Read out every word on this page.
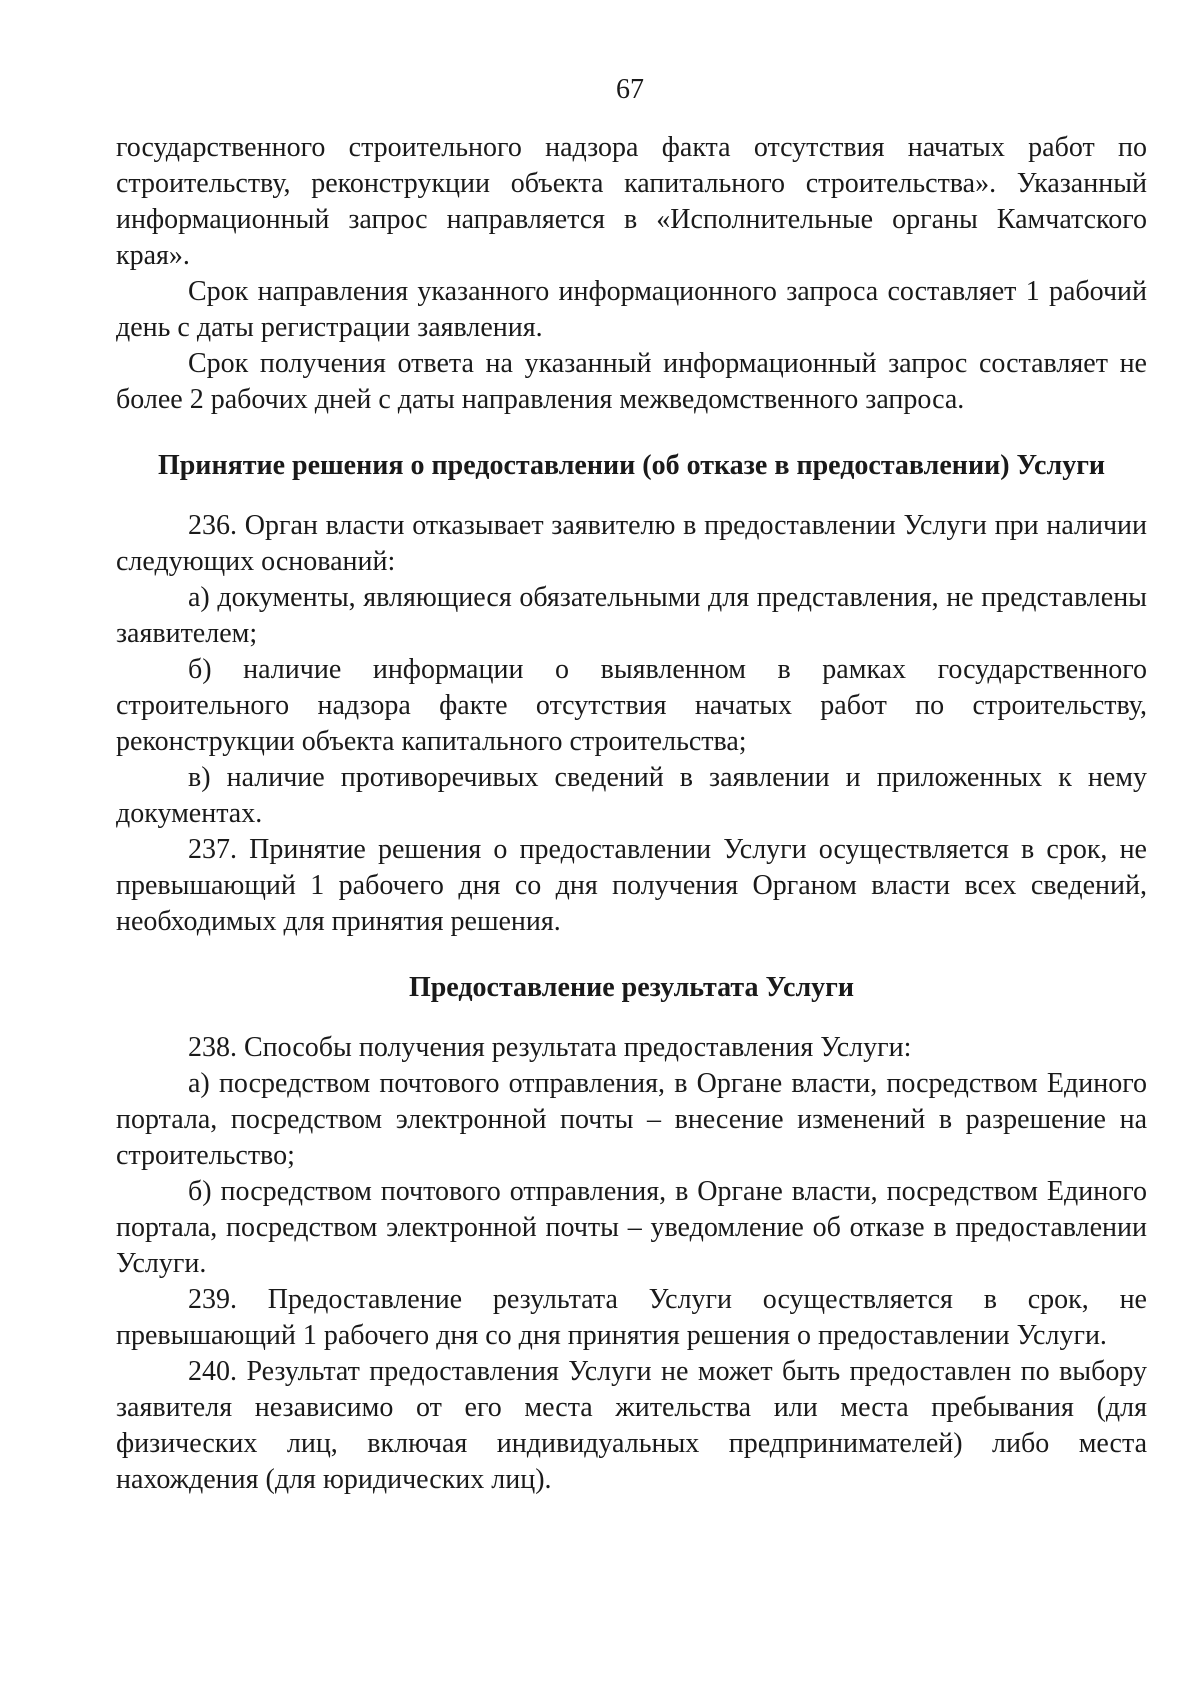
67

государственного строительного надзора факта отсутствия начатых работ по строительству, реконструкции объекта капитального строительства». Указанный информационный запрос направляется в «Исполнительные органы Камчатского края».

Срок направления указанного информационного запроса составляет 1 рабочий день с даты регистрации заявления.

Срок получения ответа на указанный информационный запрос составляет не более 2 рабочих дней с даты направления межведомственного запроса.

Принятие решения о предоставлении (об отказе в предоставлении) Услуги

236. Орган власти отказывает заявителю в предоставлении Услуги при наличии следующих оснований:

а) документы, являющиеся обязательными для представления, не представлены заявителем;

б) наличие информации о выявленном в рамках государственного строительного надзора факте отсутствия начатых работ по строительству, реконструкции объекта капитального строительства;

в) наличие противоречивых сведений в заявлении и приложенных к нему документах.

237. Принятие решения о предоставлении Услуги осуществляется в срок, не превышающий 1 рабочего дня со дня получения Органом власти всех сведений, необходимых для принятия решения.

Предоставление результата Услуги

238. Способы получения результата предоставления Услуги:

а) посредством почтового отправления, в Органе власти, посредством Единого портала, посредством электронной почты – внесение изменений в разрешение на строительство;

б) посредством почтового отправления, в Органе власти, посредством Единого портала, посредством электронной почты – уведомление об отказе в предоставлении Услуги.

239. Предоставление результата Услуги осуществляется в срок, не превышающий 1 рабочего дня со дня принятия решения о предоставлении Услуги.

240. Результат предоставления Услуги не может быть предоставлен по выбору заявителя независимо от его места жительства или места пребывания (для физических лиц, включая индивидуальных предпринимателей) либо места нахождения (для юридических лиц).
